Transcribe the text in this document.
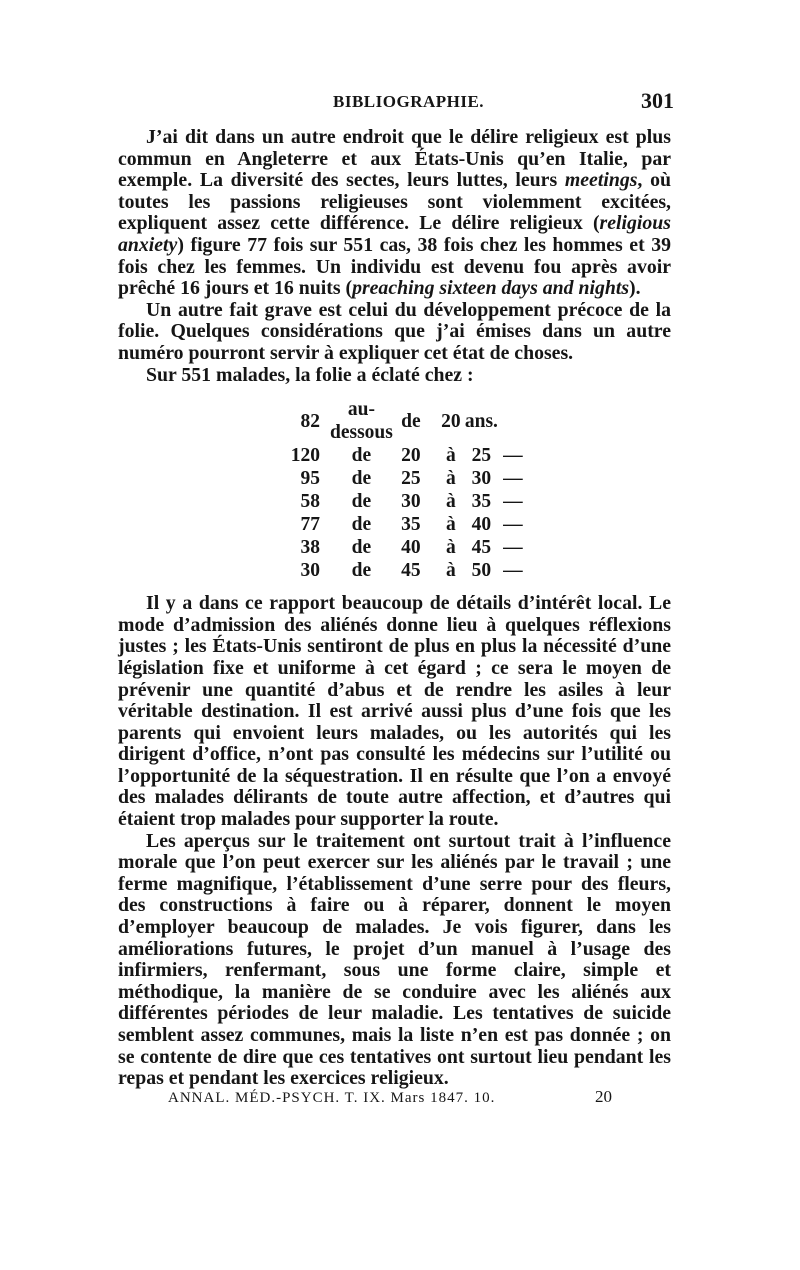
BIBLIOGRAPHIE.	301

J’ai dit dans un autre endroit que le délire religieux est plus commun en Angleterre et aux États-Unis qu’en Italie, par exemple. La diversité des sectes, leurs luttes, leurs meetings, où toutes les passions religieuses sont violemment excitées, expliquent assez cette différence. Le délire religieux (religious anxiety) figure 77 fois sur 551 cas, 38 fois chez les hommes et 39 fois chez les femmes. Un individu est devenu fou après avoir prêché 16 jours et 16 nuits (preaching sixteen days and nights).

Un autre fait grave est celui du développement précoce de la folie. Quelques considérations que j’ai émises dans un autre numéro pourront servir à expliquer cet état de choses.

Sur 551 malades, la folie a éclaté chez :

82	au-dessous	de	20	ans.	
120	de	20	à	25	—
95	de	25	à	30	—
58	de	30	à	35	—
77	de	35	à	40	—
38	de	40	à	45	—
30	de	45	à	50	—

Il y a dans ce rapport beaucoup de détails d’intérêt local. Le mode d’admission des aliénés donne lieu à quelques réflexions justes ; les États-Unis sentiront de plus en plus la nécessité d’une législation fixe et uniforme à cet égard ; ce sera le moyen de prévenir une quantité d’abus et de rendre les asiles à leur véritable destination. Il est arrivé aussi plus d’une fois que les parents qui envoient leurs malades, ou les autorités qui les dirigent d’office, n’ont pas consulté les médecins sur l’utilité ou l’opportunité de la séquestration. Il en résulte que l’on a envoyé des malades délirants de toute autre affection, et d’autres qui étaient trop malades pour supporter la route.

Les aperçus sur le traitement ont surtout trait à l’influence morale que l’on peut exercer sur les aliénés par le travail ; une ferme magnifique, l’établissement d’une serre pour des fleurs, des constructions à faire ou à réparer, donnent le moyen d’employer beaucoup de malades. Je vois figurer, dans les améliorations futures, le projet d’un manuel à l’usage des infirmiers, renfermant, sous une forme claire, simple et méthodique, la manière de se conduire avec les aliénés aux différentes périodes de leur maladie. Les tentatives de suicide semblent assez communes, mais la liste n’en est pas donnée ; on se contente de dire que ces tentatives ont surtout lieu pendant les repas et pendant les exercices religieux.

ANNAL. MÉD.-PSYCH. T. IX. Mars 1847. 10.	20
